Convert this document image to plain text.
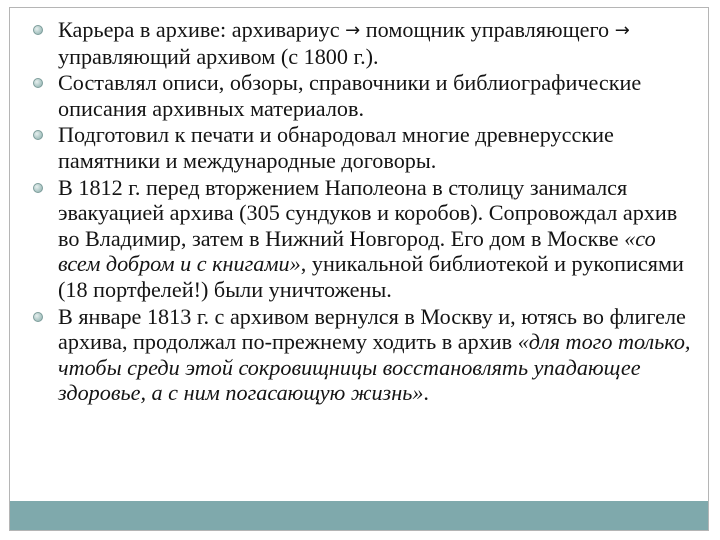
Карьера в архиве: архивариус → помощник управляющего → управляющий архивом (с 1800 г.).
Составлял описи, обзоры, справочники и библиографические описания архивных материалов.
Подготовил к печати и обнародовал многие древнерусские памятники и международные договоры.
В 1812 г. перед вторжением Наполеона в столицу занимался эвакуацией архива (305 сундуков и коробов). Сопровождал архив во Владимир, затем в Нижний Новгород. Его дом в Москве «со всем добром и с книгами», уникальной библиотекой и рукописями (18 портфелей!) были уничтожены.
В январе 1813 г. с архивом вернулся в Москву и, ютясь во флигеле архива, продолжал по-прежнему ходить в архив «для того только, чтобы среди этой сокровищницы восстановлять упадающее здоровье, а с ним погасающую жизнь».
